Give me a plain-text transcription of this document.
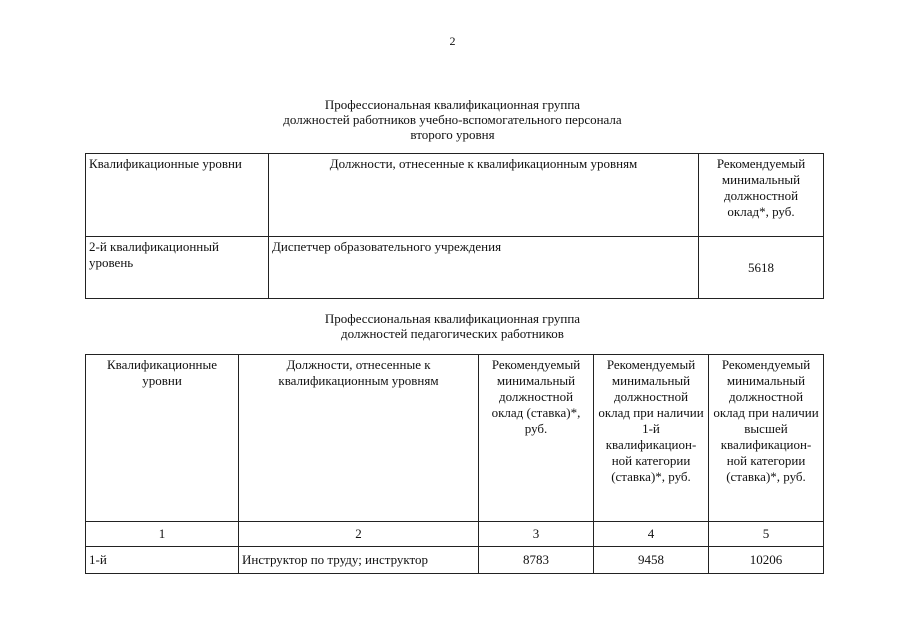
2
Профессиональная квалификационная группа
должностей работников учебно-вспомогательного персонала
второго уровня
Квалификационные уровни	Должности, отнесенные к квалификационным уровням	Рекомендуемый минимальный должностной оклад*, руб.
2-й квалификационный уровень	Диспетчер образовательного учреждения	5618
Профессиональная квалификационная группа
должностей педагогических работников
Квалификационные уровни	Должности, отнесенные к квалификационным уровням	Рекомендуемый минимальный должностной оклад (ставка)*, руб.	Рекомендуемый минимальный должностной оклад при наличии 1-й квалификацион-ной категории (ставка)*, руб.	Рекомендуемый минимальный должностной оклад при наличии высшей квалификацион-ной категории (ставка)*, руб.
1	2	3	4	5
1-й	Инструктор по труду; инструктор	8783	9458	10206
